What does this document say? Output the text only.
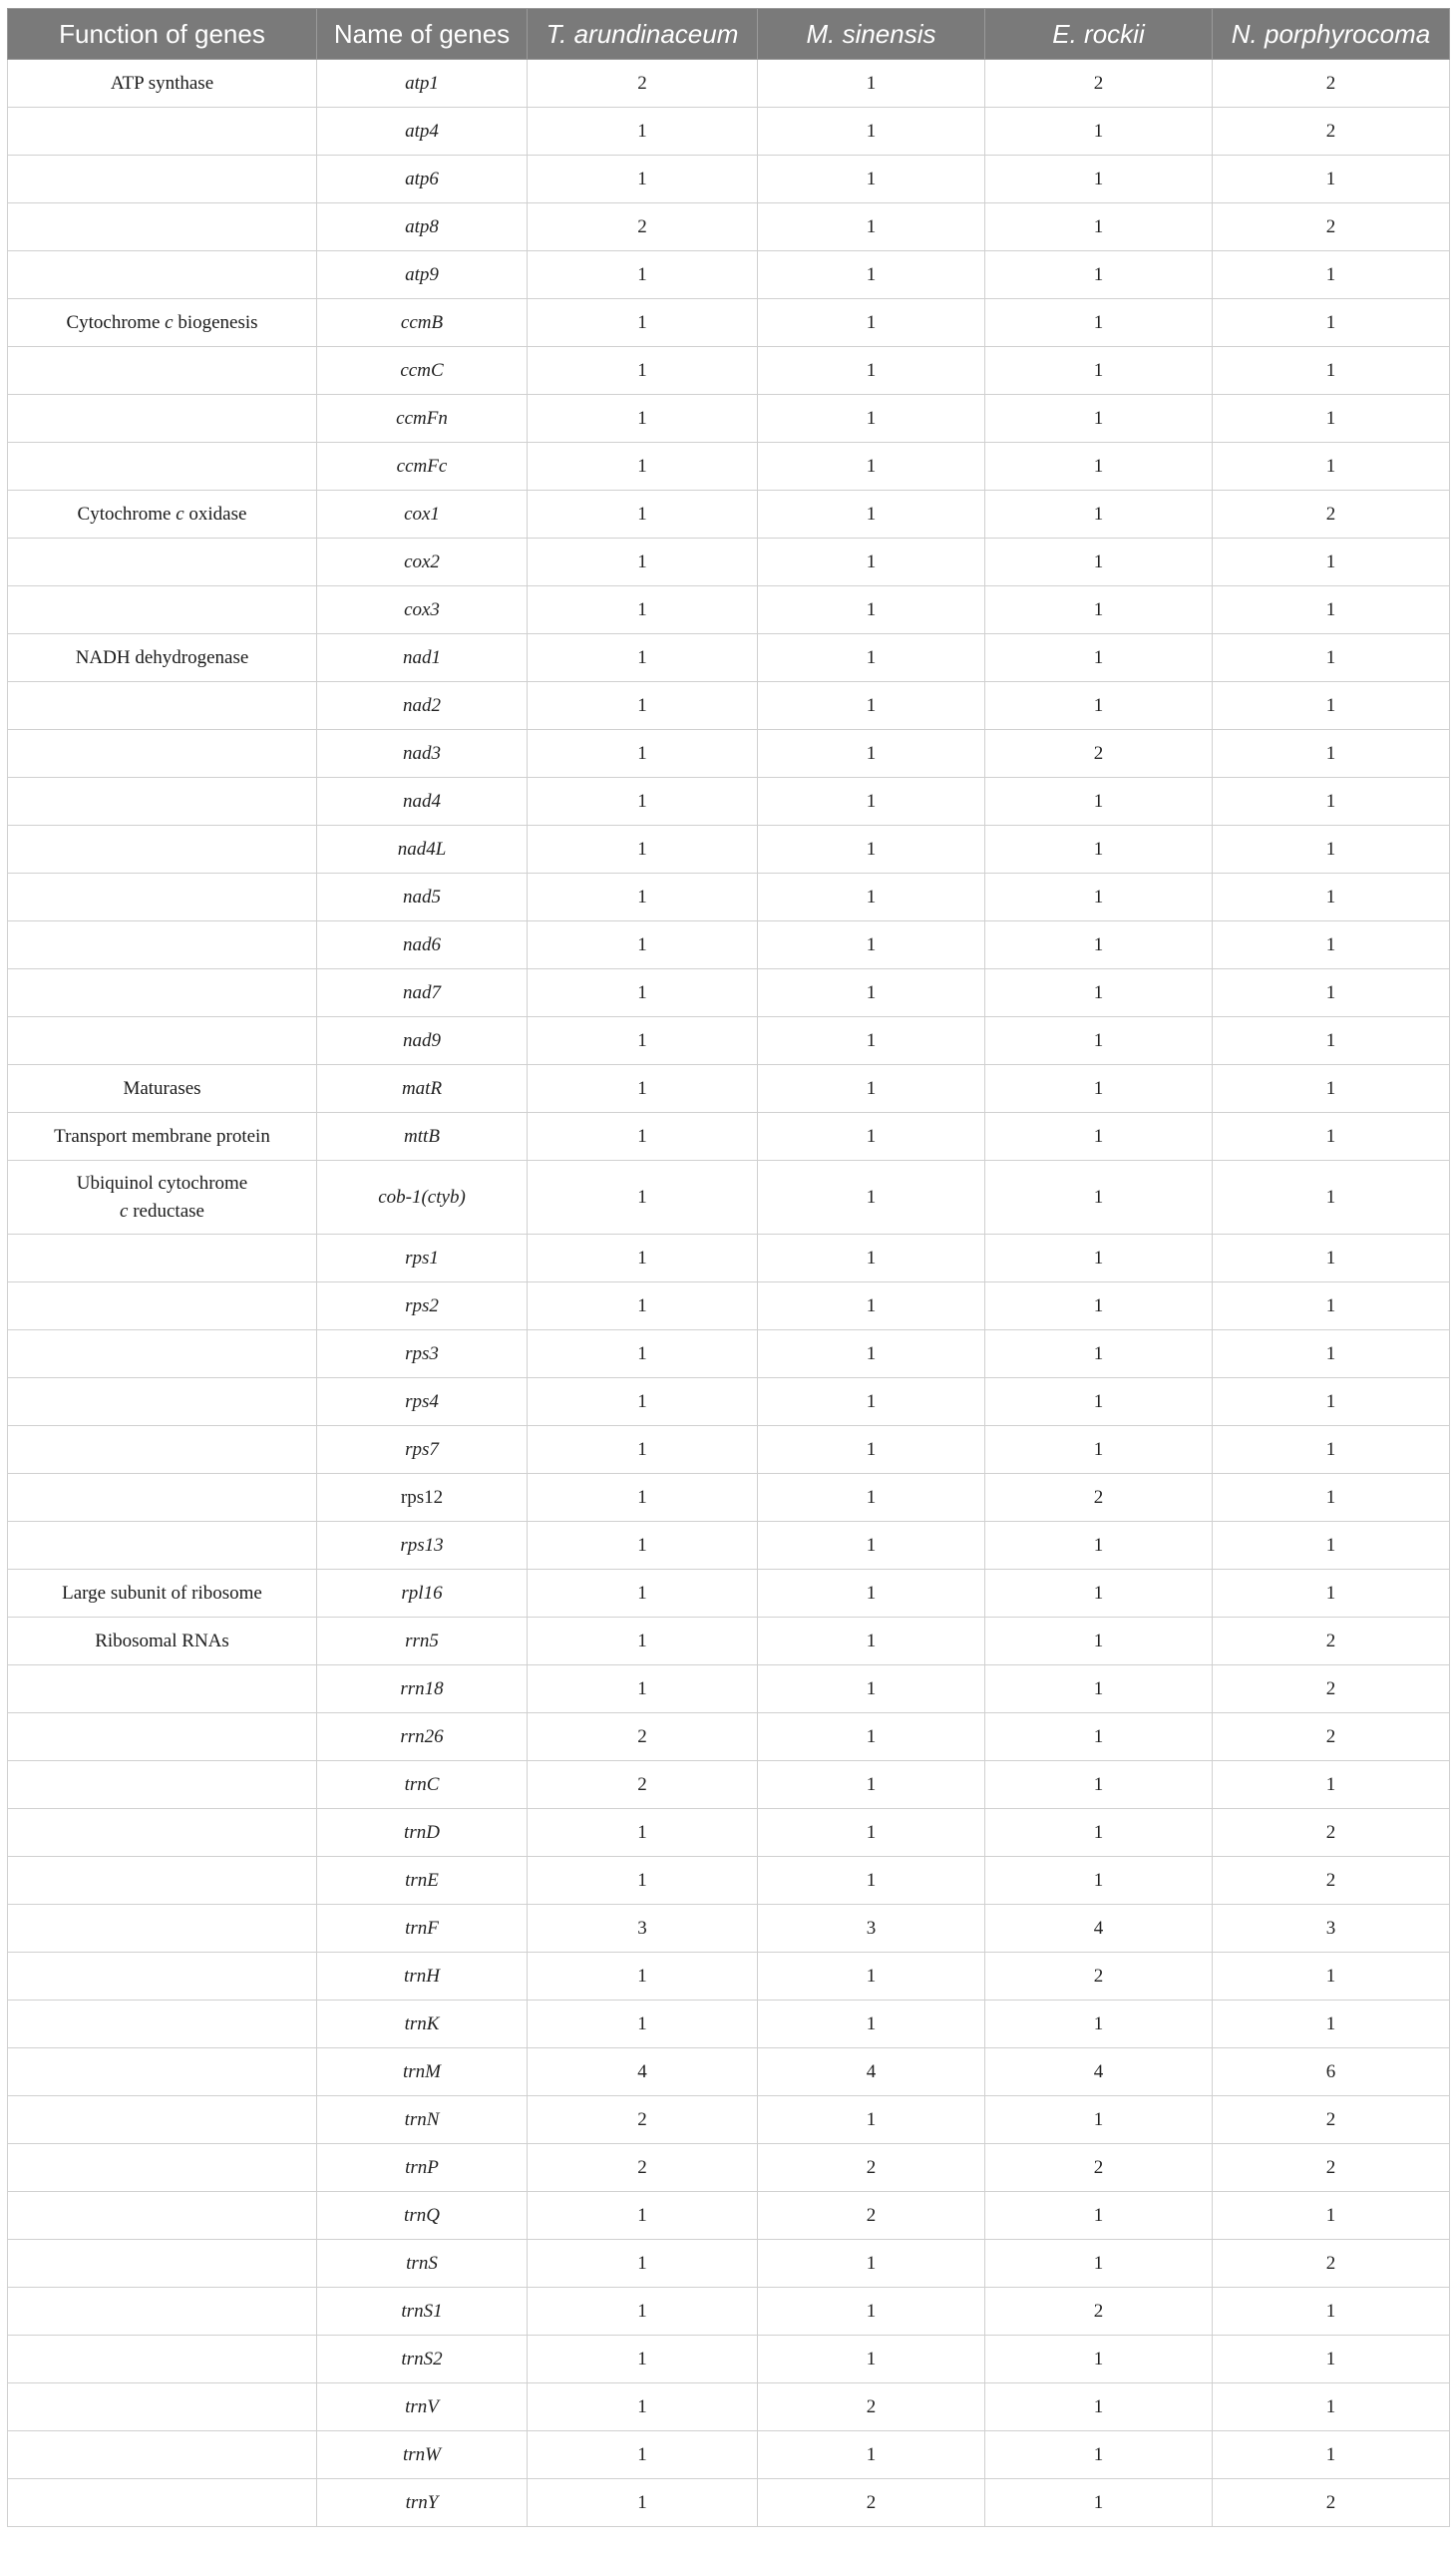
Function of genes	Name of genes	T. arundinaceum	M. sinensis	E. rockii	N. porphyrocoma
ATP synthase	atp1	2	1	2	2
	atp4	1	1	1	2
	atp6	1	1	1	1
	atp8	2	1	1	2
	atp9	1	1	1	1
Cytochrome c biogenesis	ccmB	1	1	1	1
	ccmC	1	1	1	1
	ccmFn	1	1	1	1
	ccmFc	1	1	1	1
Cytochrome c oxidase	cox1	1	1	1	2
	cox2	1	1	1	1
	cox3	1	1	1	1
NADH dehydrogenase	nad1	1	1	1	1
	nad2	1	1	1	1
	nad3	1	1	2	1
	nad4	1	1	1	1
	nad4L	1	1	1	1
	nad5	1	1	1	1
	nad6	1	1	1	1
	nad7	1	1	1	1
	nad9	1	1	1	1
Maturases	matR	1	1	1	1
Transport membrane protein	mttB	1	1	1	1
Ubiquinol cytochrome
c reductase	cob-1(ctyb)	1	1	1	1
	rps1	1	1	1	1
	rps2	1	1	1	1
	rps3	1	1	1	1
	rps4	1	1	1	1
	rps7	1	1	1	1
	rps12	1	1	2	1
	rps13	1	1	1	1
Large subunit of ribosome	rpl16	1	1	1	1
Ribosomal RNAs	rrn5	1	1	1	2
	rrn18	1	1	1	2
	rrn26	2	1	1	2
	trnC	2	1	1	1
	trnD	1	1	1	2
	trnE	1	1	1	2
	trnF	3	3	4	3
	trnH	1	1	2	1
	trnK	1	1	1	1
	trnM	4	4	4	6
	trnN	2	1	1	2
	trnP	2	2	2	2
	trnQ	1	2	1	1
	trnS	1	1	1	2
	trnS1	1	1	2	1
	trnS2	1	1	1	1
	trnV	1	2	1	1
	trnW	1	1	1	1
	trnY	1	2	1	2
